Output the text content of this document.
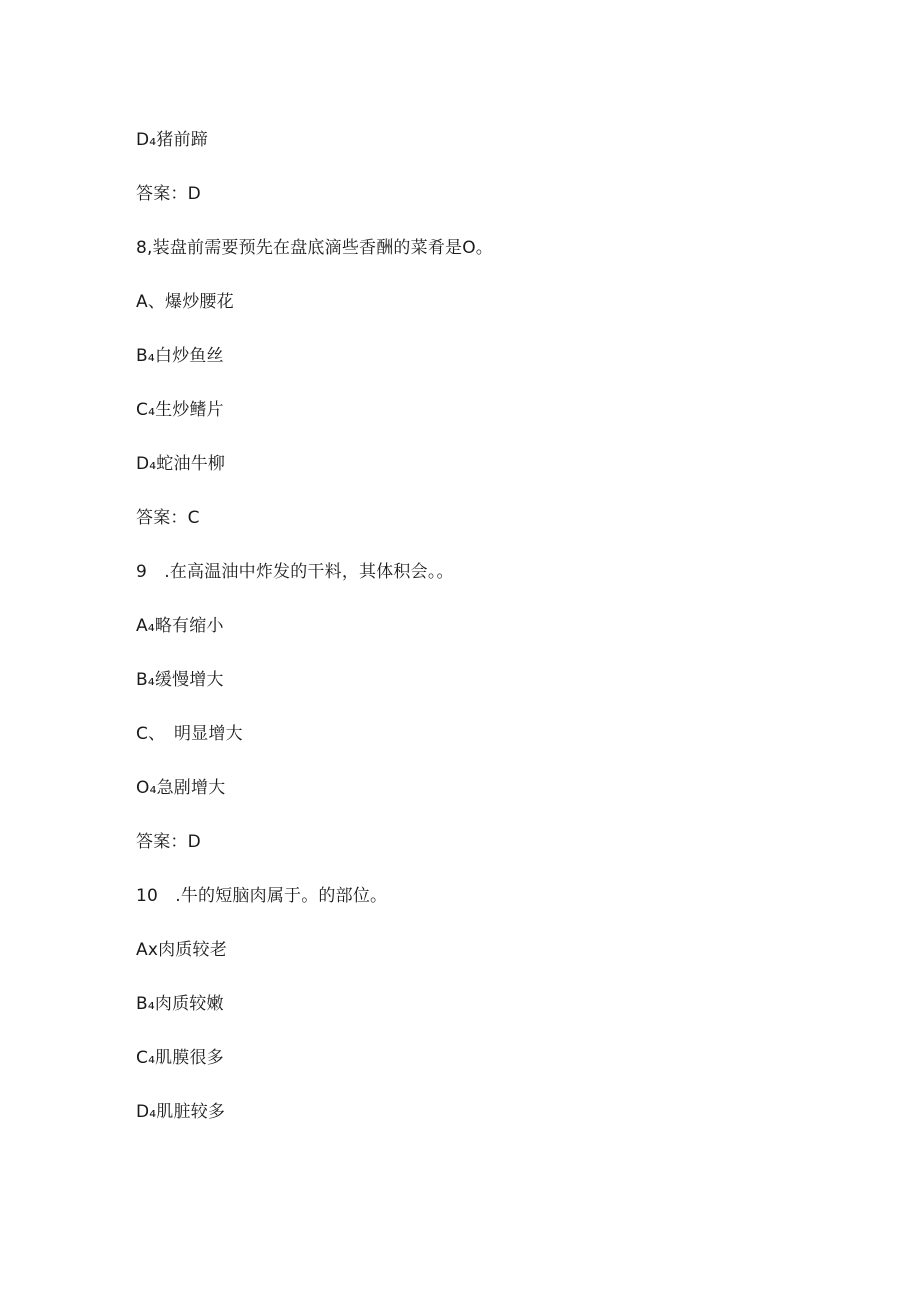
D₄猪前蹄
答案：D
8,装盘前需要预先在盘底滴些香酬的菜肴是O。
A、爆炒腰花
B₄白炒鱼丝
C₄生炒鳍片
D₄蛇油牛柳
答案：C
9 .在高温油中炸发的干料，其体积会。。
A₄略有缩小
B₄缓慢增大
C、 明显增大
O₄急剧增大
答案：D
10 .牛的短脑肉属于。的部位。
Ax肉质较老
B₄肉质较嫩
C₄肌膜很多
D₄肌脏较多
